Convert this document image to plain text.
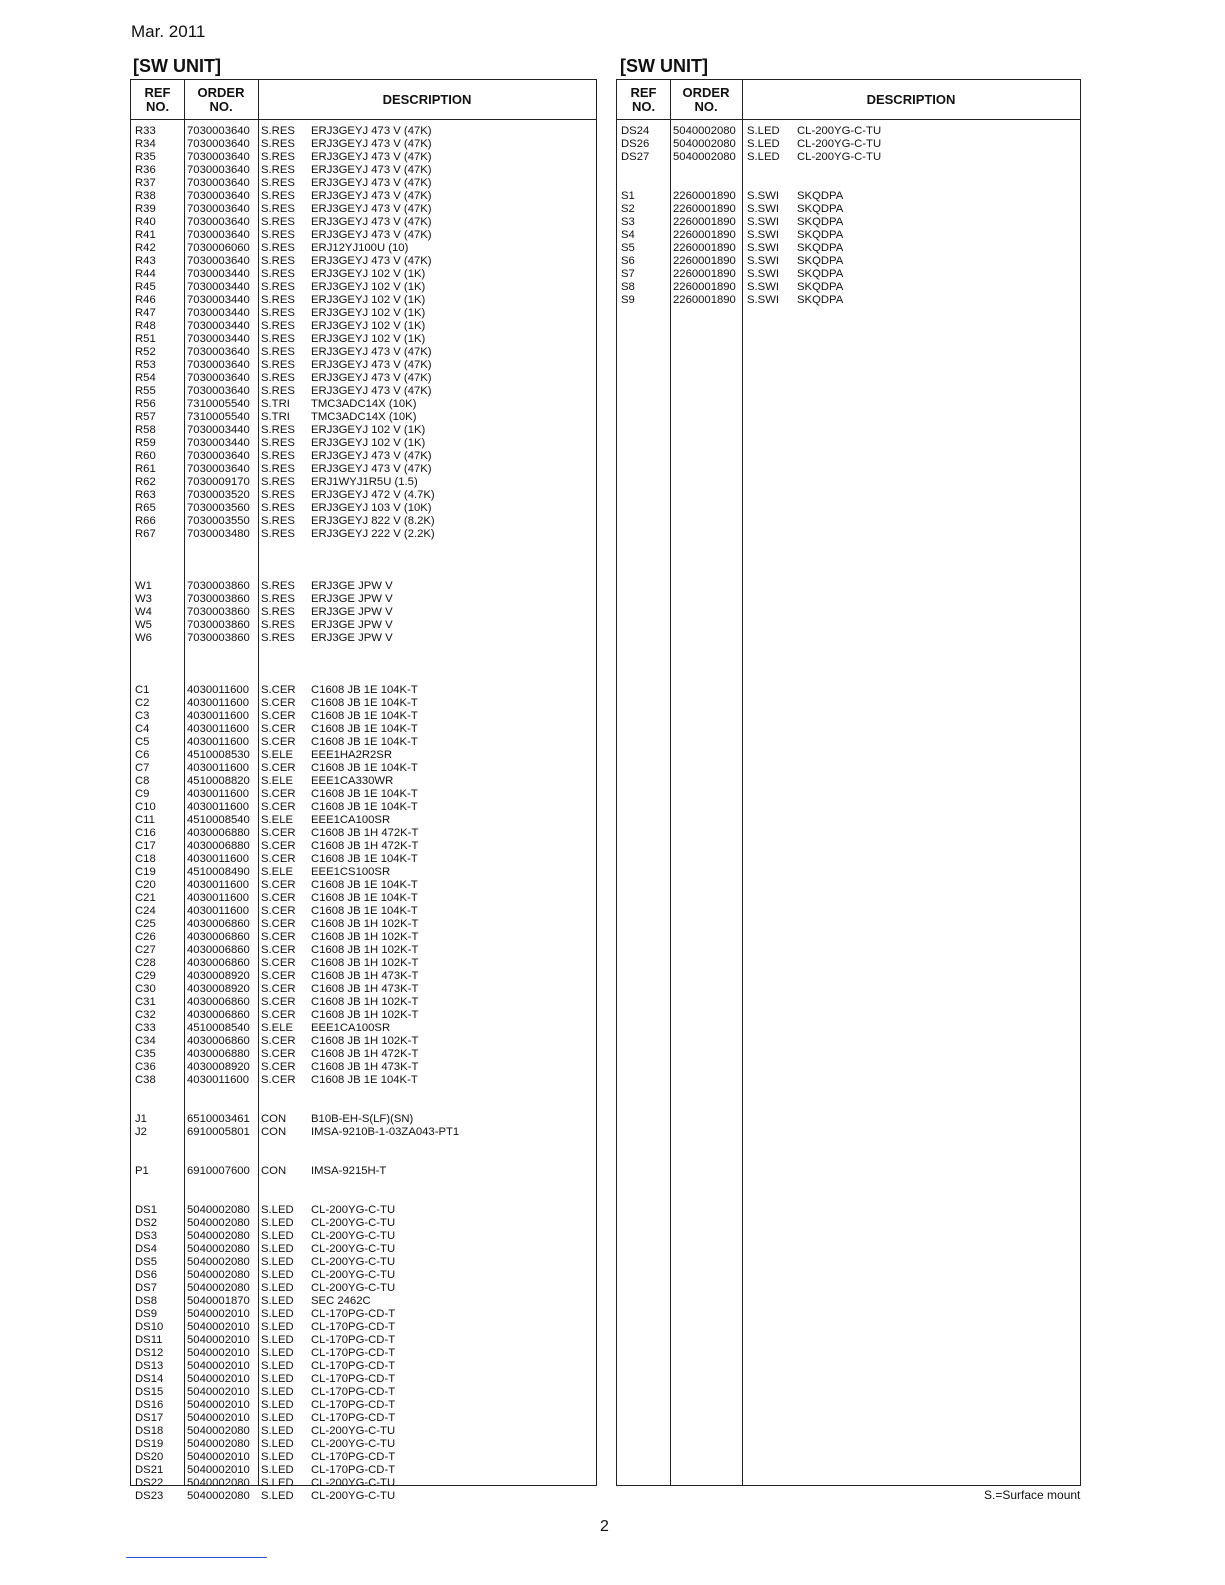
Mar. 2011
[SW UNIT]	[SW UNIT]
REF
NO.
ORDER
NO.	DESCRIPTION
R33	7030003640 S.RES ERJ3GEYJ 473 V (47K)
R34	7030003640 S.RES ERJ3GEYJ 473 V (47K)
R35	7030003640 S.RES ERJ3GEYJ 473 V (47K)
R36	7030003640 S.RES ERJ3GEYJ 473 V (47K)
R37	7030003640 S.RES ERJ3GEYJ 473 V (47K)
R38	7030003640 S.RES ERJ3GEYJ 473 V (47K)
R39	7030003640 S.RES ERJ3GEYJ 473 V (47K)
R40	7030003640 S.RES ERJ3GEYJ 473 V (47K)
R41	7030003640 S.RES ERJ3GEYJ 473 V (47K)
R42	7030006060 S.RES ERJ12YJ100U (10)
R43	7030003640 S.RES ERJ3GEYJ 473 V (47K)
R44	7030003440 S.RES ERJ3GEYJ 102 V (1K)
R45	7030003440 S.RES ERJ3GEYJ 102 V (1K)
R46	7030003440 S.RES ERJ3GEYJ 102 V (1K)
R47	7030003440 S.RES ERJ3GEYJ 102 V (1K)
R48	7030003440 S.RES ERJ3GEYJ 102 V (1K)
R51	7030003440 S.RES ERJ3GEYJ 102 V (1K)
R52	7030003640 S.RES ERJ3GEYJ 473 V (47K)
R53	7030003640 S.RES ERJ3GEYJ 473 V (47K)
R54	7030003640 S.RES ERJ3GEYJ 473 V (47K)
R55	7030003640 S.RES ERJ3GEYJ 473 V (47K)
R56	7310005540 S.TRI TMC3ADC14X (10K)
R57	7310005540 S.TRI TMC3ADC14X (10K)
R58	7030003440 S.RES ERJ3GEYJ 102 V (1K)
R59	7030003440 S.RES ERJ3GEYJ 102 V (1K)
R60	7030003640 S.RES ERJ3GEYJ 473 V (47K)
R61	7030003640 S.RES ERJ3GEYJ 473 V (47K)
R62	7030009170 S.RES ERJ1WYJ1R5U (1.5)
R63	7030003520 S.RES ERJ3GEYJ 472 V (4.7K)
R65	7030003560 S.RES ERJ3GEYJ 103 V (10K)
R66	7030003550 S.RES ERJ3GEYJ 822 V (8.2K)
R67	7030003480 S.RES ERJ3GEYJ 222 V (2.2K)
W1	7030003860 S.RES ERJ3GE JPW V
W3	7030003860 S.RES ERJ3GE JPW V
W4	7030003860 S.RES ERJ3GE JPW V
W5	7030003860 S.RES ERJ3GE JPW V
W6	7030003860 S.RES ERJ3GE JPW V
C1	4030011600 S.CER C1608 JB 1E 104K-T
C2	4030011600 S.CER C1608 JB 1E 104K-T
C3	4030011600 S.CER C1608 JB 1E 104K-T
C4	4030011600 S.CER C1608 JB 1E 104K-T
C5	4030011600 S.CER C1608 JB 1E 104K-T
C6	4510008530 S.ELE EEE1HA2R2SR
C7	4030011600 S.CER C1608 JB 1E 104K-T
C8	4510008820 S.ELE EEE1CA330WR
C9	4030011600 S.CER C1608 JB 1E 104K-T
C10	4030011600 S.CER C1608 JB 1E 104K-T
C11	4510008540 S.ELE EEE1CA100SR
C16	4030006880 S.CER C1608 JB 1H 472K-T
C17	4030006880 S.CER C1608 JB 1H 472K-T
C18	4030011600 S.CER C1608 JB 1E 104K-T
C19	4510008490 S.ELE EEE1CS100SR
C20	4030011600 S.CER C1608 JB 1E 104K-T
C21	4030011600 S.CER C1608 JB 1E 104K-T
C24	4030011600 S.CER C1608 JB 1E 104K-T
C25	4030006860 S.CER C1608 JB 1H 102K-T
C26	4030006860 S.CER C1608 JB 1H 102K-T
C27	4030006860 S.CER C1608 JB 1H 102K-T
C28	4030006860 S.CER C1608 JB 1H 102K-T
C29	4030008920 S.CER C1608 JB 1H 473K-T
C30	4030008920 S.CER C1608 JB 1H 473K-T
C31	4030006860 S.CER C1608 JB 1H 102K-T
C32	4030006860 S.CER C1608 JB 1H 102K-T
C33	4510008540 S.ELE EEE1CA100SR
C34	4030006860 S.CER C1608 JB 1H 102K-T
C35	4030006880 S.CER C1608 JB 1H 472K-T
C36	4030008920 S.CER C1608 JB 1H 473K-T
C38	4030011600 S.CER C1608 JB 1E 104K-T
J1	6510003461 CON B10B-EH-S(LF)(SN)
J2	6910005801 CON IMSA-9210B-1-03ZA043-PT1
P1	6910007600 CON IMSA-9215H-T
DS1	5040002080 S.LED CL-200YG-C-TU
DS2	5040002080 S.LED CL-200YG-C-TU
DS3	5040002080 S.LED CL-200YG-C-TU
DS4	5040002080 S.LED CL-200YG-C-TU
DS5	5040002080 S.LED CL-200YG-C-TU
DS6	5040002080 S.LED CL-200YG-C-TU
DS7	5040002080 S.LED CL-200YG-C-TU
DS8	5040001870 S.LED SEC 2462C
DS9	5040002010 S.LED CL-170PG-CD-T
DS10 5040002010 S.LED CL-170PG-CD-T
DS11 5040002010 S.LED CL-170PG-CD-T
DS12 5040002010 S.LED CL-170PG-CD-T
DS13 5040002010 S.LED CL-170PG-CD-T
DS14 5040002010 S.LED CL-170PG-CD-T
DS15 5040002010 S.LED CL-170PG-CD-T
DS16 5040002010 S.LED CL-170PG-CD-T
DS17 5040002010 S.LED CL-170PG-CD-T
DS18 5040002080 S.LED CL-200YG-C-TU
DS19 5040002080 S.LED CL-200YG-C-TU
DS20 5040002010 S.LED CL-170PG-CD-T
DS21 5040002010 S.LED CL-170PG-CD-T
DS22 5040002080 S.LED CL-200YG-C-TU
DS23 5040002080 S.LED CL-200YG-C-TU
REF
NO.
ORDER
NO.	DESCRIPTION
DS24 5040002080 S.LED CL-200YG-C-TU
DS26 5040002080 S.LED CL-200YG-C-TU
DS27 5040002080 S.LED CL-200YG-C-TU
S1	2260001890 S.SWI SKQDPA
S2	2260001890 S.SWI SKQDPA
S3	2260001890 S.SWI SKQDPA
S4	2260001890 S.SWI SKQDPA
S5	2260001890 S.SWI SKQDPA
S6	2260001890 S.SWI SKQDPA
S7	2260001890 S.SWI SKQDPA
S8	2260001890 S.SWI SKQDPA
S9	2260001890 S.SWI SKQDPA
S.=Surface mount
2
